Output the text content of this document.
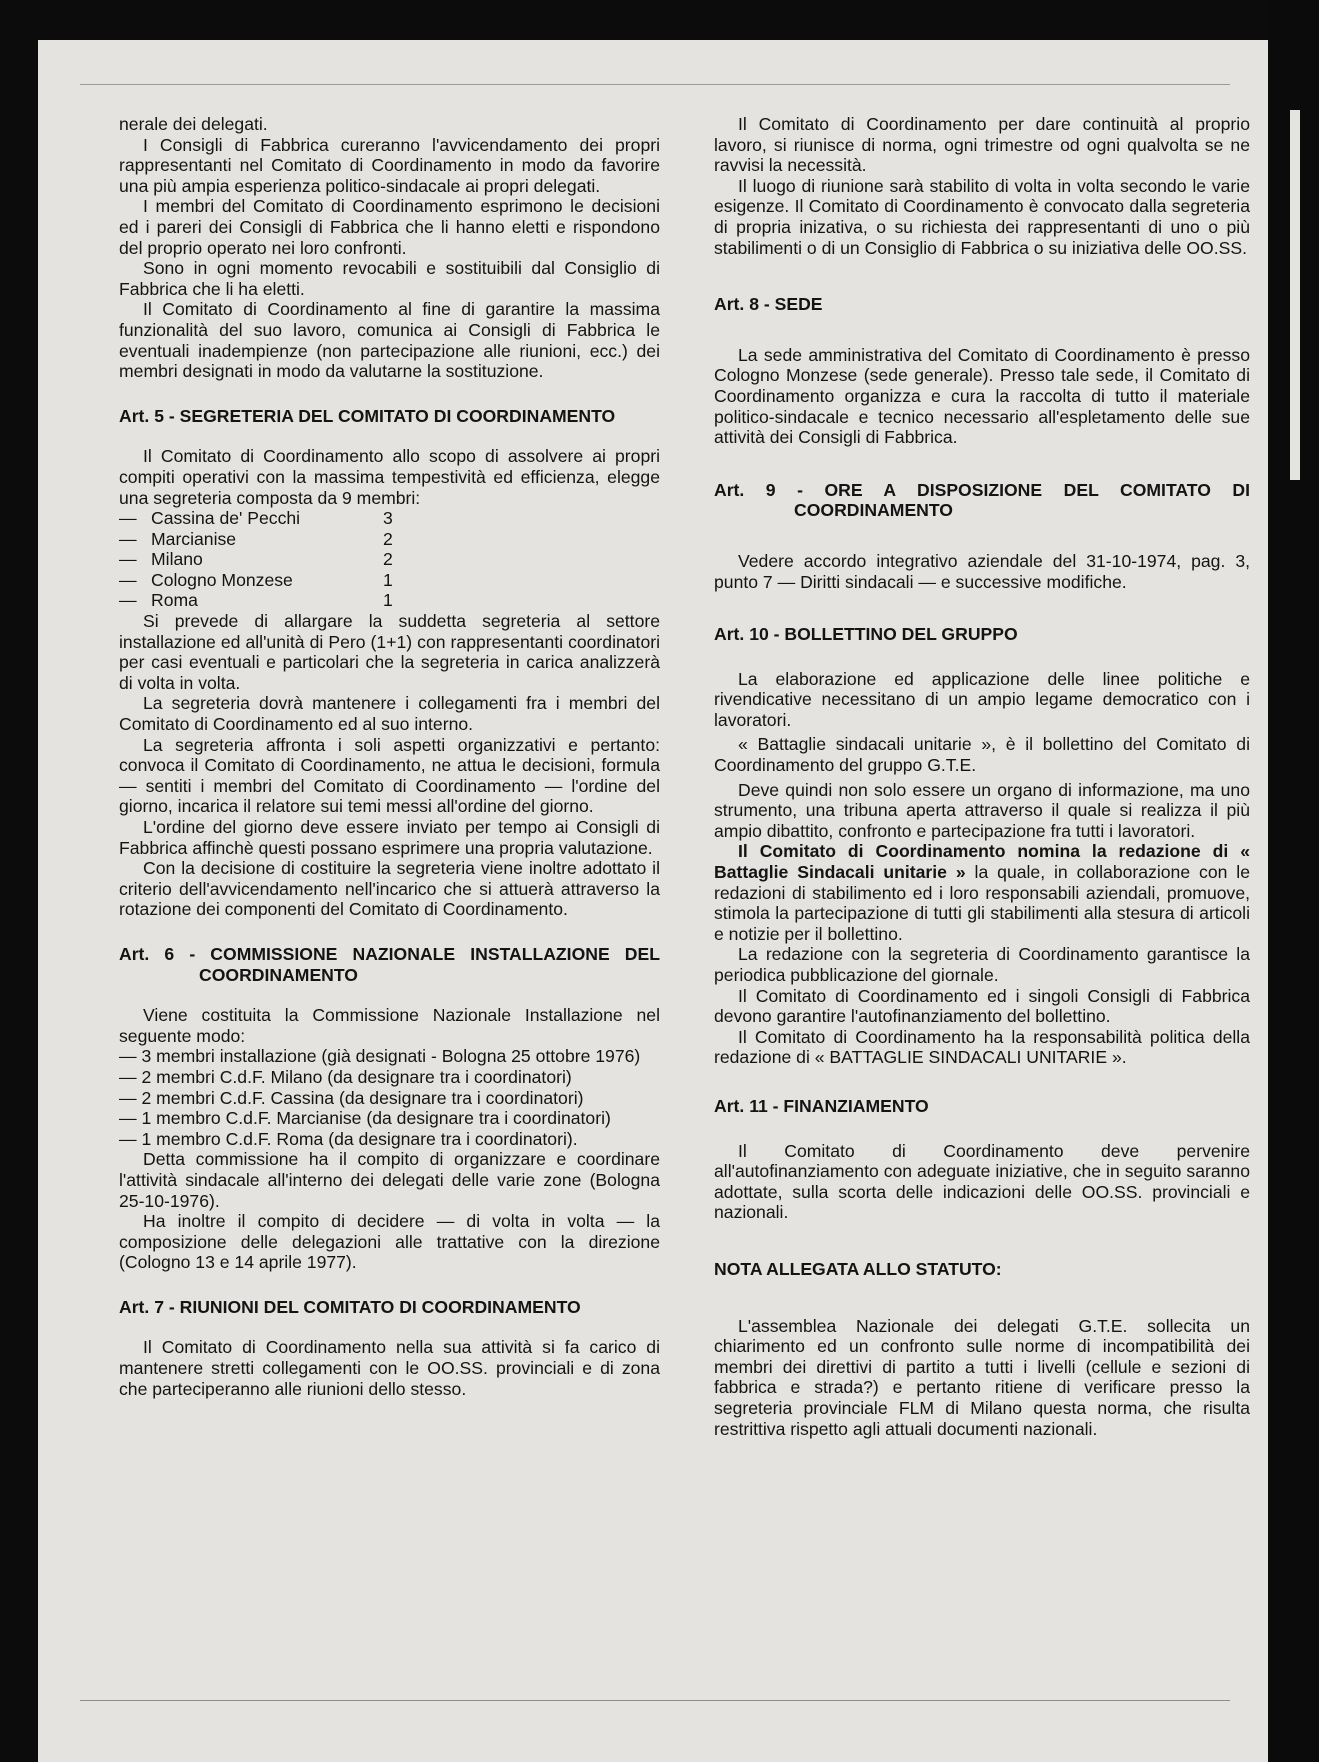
nerale dei delegati.

I Consigli di Fabbrica cureranno l'avvicendamento dei propri rappresentanti nel Comitato di Coordinamento in modo da favorire una più ampia esperienza politico-sindacale ai propri delegati.

I membri del Comitato di Coordinamento esprimono le decisioni ed i pareri dei Consigli di Fabbrica che li hanno eletti e rispondono del proprio operato nei loro confronti.

Sono in ogni momento revocabili e sostituibili dal Consiglio di Fabbrica che li ha eletti.

Il Comitato di Coordinamento al fine di garantire la massima funzionalità del suo lavoro, comunica ai Consigli di Fabbrica le eventuali inadempienze (non partecipazione alle riunioni, ecc.) dei membri designati in modo da valutarne la sostituzione.

Art. 5 - SEGRETERIA DEL COMITATO DI COORDINAMENTO

Il Comitato di Coordinamento allo scopo di assolvere ai propri compiti operativi con la massima tempestività ed efficienza, elegge una segreteria composta da 9 membri:

— Cassina de' Pecchi	3
— Marcianise	2
— Milano	2
— Cologno Monzese	1
— Roma	1

Si prevede di allargare la suddetta segreteria al settore installazione ed all'unità di Pero (1+1) con rappresentanti coordinatori per casi eventuali e particolari che la segreteria in carica analizzerà di volta in volta.

La segreteria dovrà mantenere i collegamenti fra i membri del Comitato di Coordinamento ed al suo interno.

La segreteria affronta i soli aspetti organizzativi e pertanto: convoca il Comitato di Coordinamento, ne attua le decisioni, formula — sentiti i membri del Comitato di Coordinamento — l'ordine del giorno, incarica il relatore sui temi messi all'ordine del giorno.

L'ordine del giorno deve essere inviato per tempo ai Consigli di Fabbrica affinchè questi possano esprimere una propria valutazione.

Con la decisione di costituire la segreteria viene inoltre adottato il criterio dell'avvicendamento nell'incarico che si attuerà attraverso la rotazione dei componenti del Comitato di Coordinamento.

Art. 6 - COMMISSIONE NAZIONALE INSTALLAZIONE DEL COORDINAMENTO

Viene costituita la Commissione Nazionale Installazione nel seguente modo:

— 3 membri installazione (già designati - Bologna 25 ottobre 1976)

— 2 membri C.d.F. Milano (da designare tra i coordinatori)

— 2 membri C.d.F. Cassina (da designare tra i coordinatori)

— 1 membro C.d.F. Marcianise (da designare tra i coordinatori)

— 1 membro C.d.F. Roma (da designare tra i coordinatori).

Detta commissione ha il compito di organizzare e coordinare l'attività sindacale all'interno dei delegati delle varie zone (Bologna 25-10-1976).

Ha inoltre il compito di decidere — di volta in volta — la composizione delle delegazioni alle trattative con la direzione (Cologno 13 e 14 aprile 1977).

Art. 7 - RIUNIONI DEL COMITATO DI COORDINAMENTO

Il Comitato di Coordinamento nella sua attività si fa carico di mantenere stretti collegamenti con le OO.SS. provinciali e di zona che parteciperanno alle riunioni dello stesso.

Il Comitato di Coordinamento per dare continuità al proprio lavoro, si riunisce di norma, ogni trimestre od ogni qualvolta se ne ravvisi la necessità.

Il luogo di riunione sarà stabilito di volta in volta secondo le varie esigenze. Il Comitato di Coordinamento è convocato dalla segreteria di propria inizativa, o su richiesta dei rappresentanti di uno o più stabilimenti o di un Consiglio di Fabbrica o su iniziativa delle OO.SS.

Art. 8 - SEDE

La sede amministrativa del Comitato di Coordinamento è presso Cologno Monzese (sede generale). Presso tale sede, il Comitato di Coordinamento organizza e cura la raccolta di tutto il materiale politico-sindacale e tecnico necessario all'espletamento delle sue attività dei Consigli di Fabbrica.

Art. 9 - ORE A DISPOSIZIONE DEL COMITATO DI COORDINAMENTO

Vedere accordo integrativo aziendale del 31-10-1974, pag. 3, punto 7 — Diritti sindacali — e successive modifiche.

Art. 10 - BOLLETTINO DEL GRUPPO

La elaborazione ed applicazione delle linee politiche e rivendicative necessitano di un ampio legame democratico con i lavoratori.

« Battaglie sindacali unitarie », è il bollettino del Comitato di Coordinamento del gruppo G.T.E.

Deve quindi non solo essere un organo di informazione, ma uno strumento, una tribuna aperta attraverso il quale si realizza il più ampio dibattito, confronto e partecipazione fra tutti i lavoratori.

Il Comitato di Coordinamento nomina la redazione di « Battaglie Sindacali unitarie » la quale, in collaborazione con le redazioni di stabilimento ed i loro responsabili aziendali, promuove, stimola la partecipazione di tutti gli stabilimenti alla stesura di articoli e notizie per il bollettino.

La redazione con la segreteria di Coordinamento garantisce la periodica pubblicazione del giornale.

Il Comitato di Coordinamento ed i singoli Consigli di Fabbrica devono garantire l'autofinanziamento del bollettino.

Il Comitato di Coordinamento ha la responsabilità politica della redazione di « BATTAGLIE SINDACALI UNITARIE ».

Art. 11 - FINANZIAMENTO

Il Comitato di Coordinamento deve pervenire all'autofinanziamento con adeguate iniziative, che in seguito saranno adottate, sulla scorta delle indicazioni delle OO.SS. provinciali e nazionali.

NOTA ALLEGATA ALLO STATUTO:

L'assemblea Nazionale dei delegati G.T.E. sollecita un chiarimento ed un confronto sulle norme di incompatibilità dei membri dei direttivi di partito a tutti i livelli (cellule e sezioni di fabbrica e strada?) e pertanto ritiene di verificare presso la segreteria provinciale FLM di Milano questa norma, che risulta restrittiva rispetto agli attuali documenti nazionali.
